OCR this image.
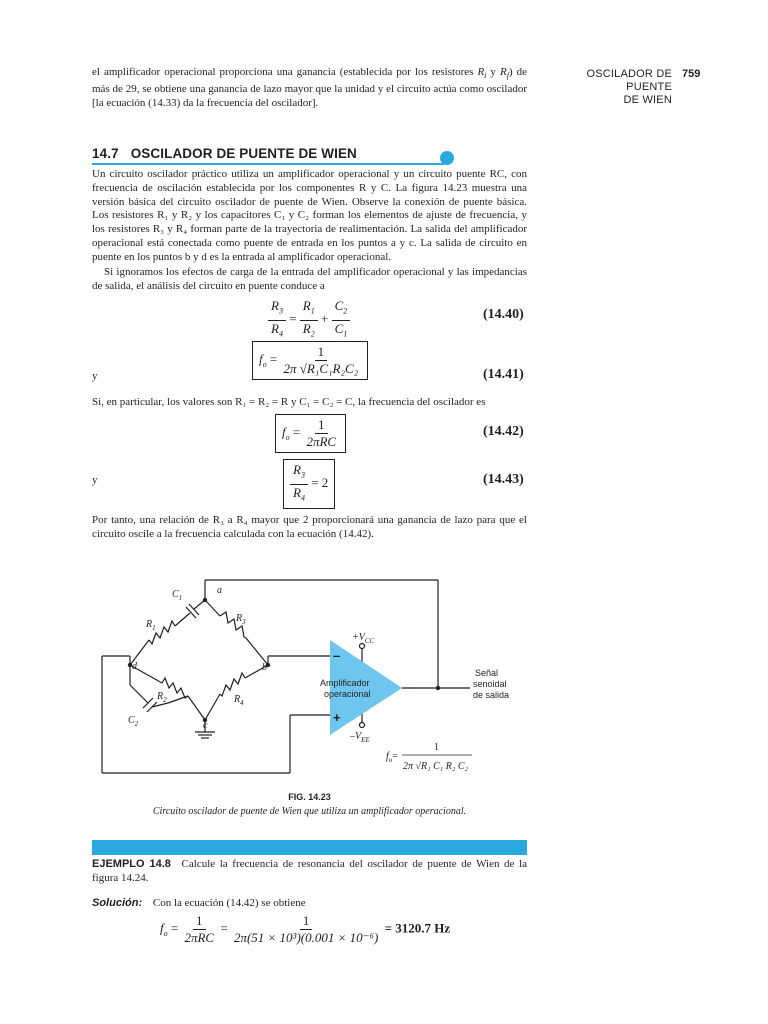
OSCILADOR DE PUENTE
DE WIEN
759
el amplificador operacional proporciona una ganancia (establecida por los resistores $R_i$ y $R_f$) de más de 29, se obtiene una ganancia de lazo mayor que la unidad y el circuito actúa como oscilador [la ecuación (14.33) da la frecuencia del oscilador].
14.7 OSCILADOR DE PUENTE DE WIEN
Un circuito oscilador práctico utiliza un amplificador operacional y un circuito puente RC, con frecuencia de oscilación establecida por los componentes R y C. La figura 14.23 muestra una versión básica del circuito oscilador de puente de Wien. Observe la conexión de puente básica. Los resistores R₁ y R₂ y los capacitores C₁ y C₂ forman los elementos de ajuste de frecuencia, y los resistores R₃ y R₄ forman parte de la trayectoria de realimentación. La salida del amplificador operacional está conectada como puente de entrada en los puntos a y c. La salida de circuito en puente en los puntos b y d es la entrada al amplificador operacional.
Si ignoramos los efectos de carga de la entrada del amplificador operacional y las impedancias de salida, el análisis del circuito en puente conduce a
$\frac{R_3}{R_4} = \frac{R_1}{R_2} + \frac{C_2}{C_1}$	(14.40)
y
$f_o = \frac{1}{\text{2π √R₁C₁R₂C₂}}$	(14.41)
Si, en particular, los valores son R₁ = R₂ = R y C₁ = C₂ = C, la frecuencia del oscilador es
$f_o = \frac{1}{\text{2πRC}}$	(14.42)
y	$\frac{R_3}{R_4} = 2$	(14.43)
Por tanto, una relación de R₃ a R₄ mayor que 2 proporcionará una ganancia de lazo para que el circuito oscile a la frecuencia calculada con la ecuación (14.42).
a
b
c
d
$C_1$
$R_1$
$R_3$
$R_2$	$R_4$
$C_2$
$+V_{CC}$
$-V_{EE}$
–
+
Amplificador
operacional
Señal
senoidal
de salida
$f_o=$
1
2π √R₁ C₁ R₂ C₂
FIG. 14.23
Circuito oscilador de puente de Wien que utiliza un amplificador operacional.
EJEMPLO 14.8 Calcule la frecuencia de resonancia del oscilador de puente de Wien de la figura 14.24.
Solución: Con la ecuación (14.42) se obtiene
$f_o = \frac{1}{\text{2πRC}} = \frac{1}{\text{2π(51 × 10³)(0.001 × 10⁻⁶)}} = 3120.7$ Hz
